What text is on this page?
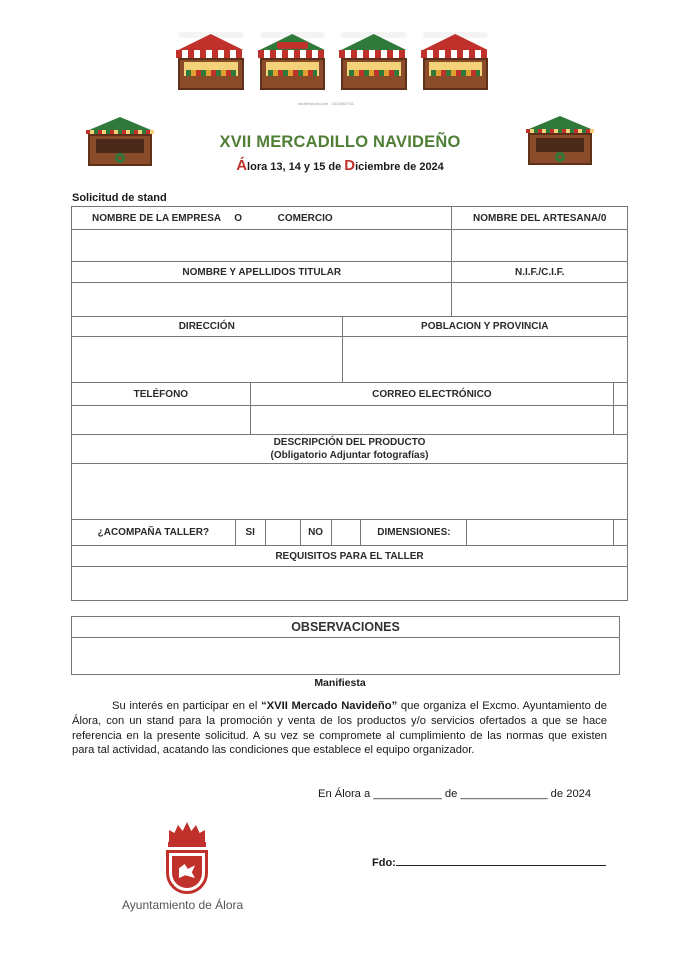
shutterstock.com · 2025562761
XVII MERCADILLO NAVIDEÑO
Álora 13, 14 y 15 de Diciembre de 2024
Solicitud de stand
NOMBRE DE LA EMPRESA O COMERCIO	NOMBRE DEL ARTESANA/0

NOMBRE Y APELLIDOS TITULAR	N.I.F./C.I.F.

DIRECCIÓN	POBLACION Y PROVINCIA

TELÉFONO	CORREO ELECTRÓNICO	

DESCRIPCIÓN DEL PRODUCTO
(Obligatorio Adjuntar fotografías)

¿ACOMPAÑA TALLER?	SI		NO		DIMENSIONES:		
REQUISITOS PARA EL TALLER

OBSERVACIONES

Manifiesta
Su interés en participar en el “XVII Mercado Navideño” que organiza el Excmo. Ayuntamiento de Álora, con un stand para la promoción y venta de los productos y/o servicios ofertados a que se hace referencia en la presente solicitud. A su vez se compromete al cumplimiento de las normas que existen para tal actividad, acatando las condiciones que establece el equipo organizador.
En Álora a ___________ de ______________ de 2024
Ayuntamiento de Álora
Fdo:
